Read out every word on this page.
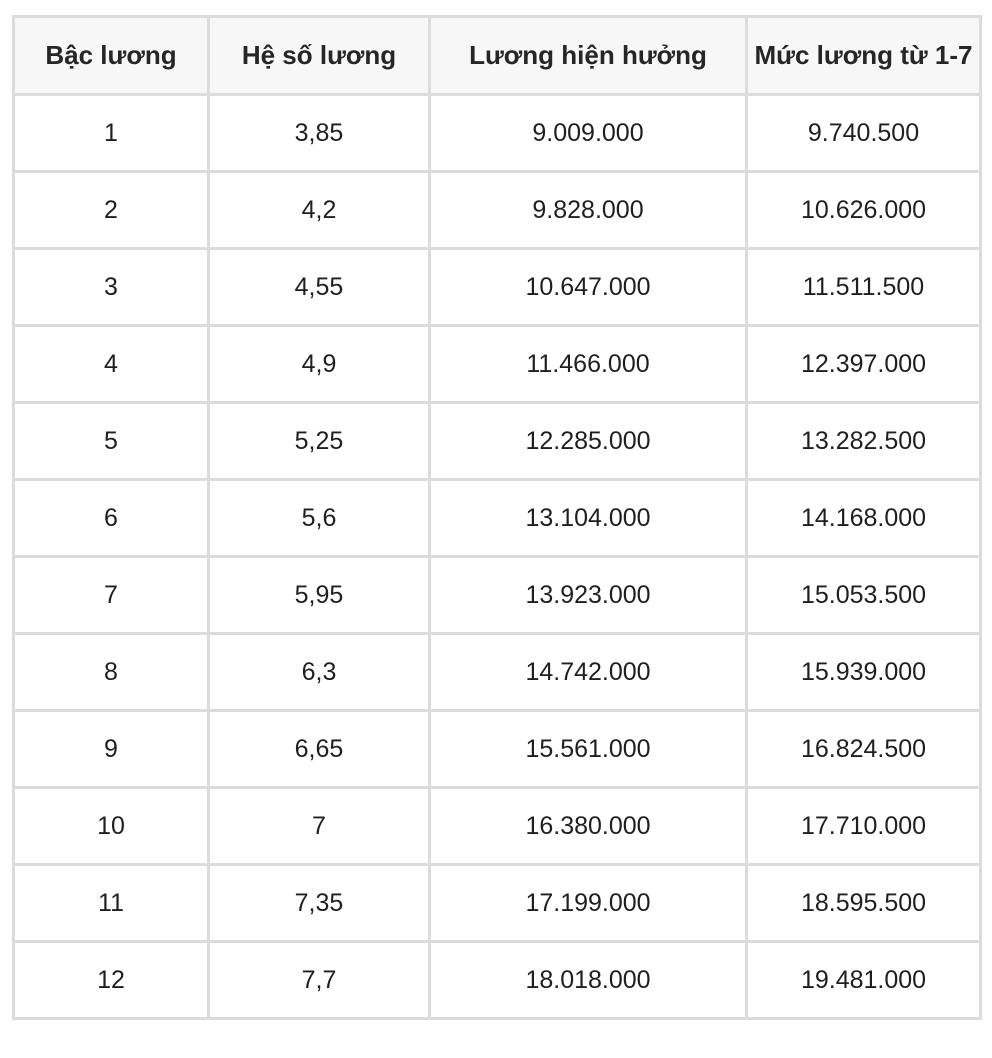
Bậc lương	Hệ số lương	Lương hiện hưởng	Mức lương từ 1-7
1	3,85	9.009.000	9.740.500
2	4,2	9.828.000	10.626.000
3	4,55	10.647.000	11.511.500
4	4,9	11.466.000	12.397.000
5	5,25	12.285.000	13.282.500
6	5,6	13.104.000	14.168.000
7	5,95	13.923.000	15.053.500
8	6,3	14.742.000	15.939.000
9	6,65	15.561.000	16.824.500
10	7	16.380.000	17.710.000
11	7,35	17.199.000	18.595.500
12	7,7	18.018.000	19.481.000
